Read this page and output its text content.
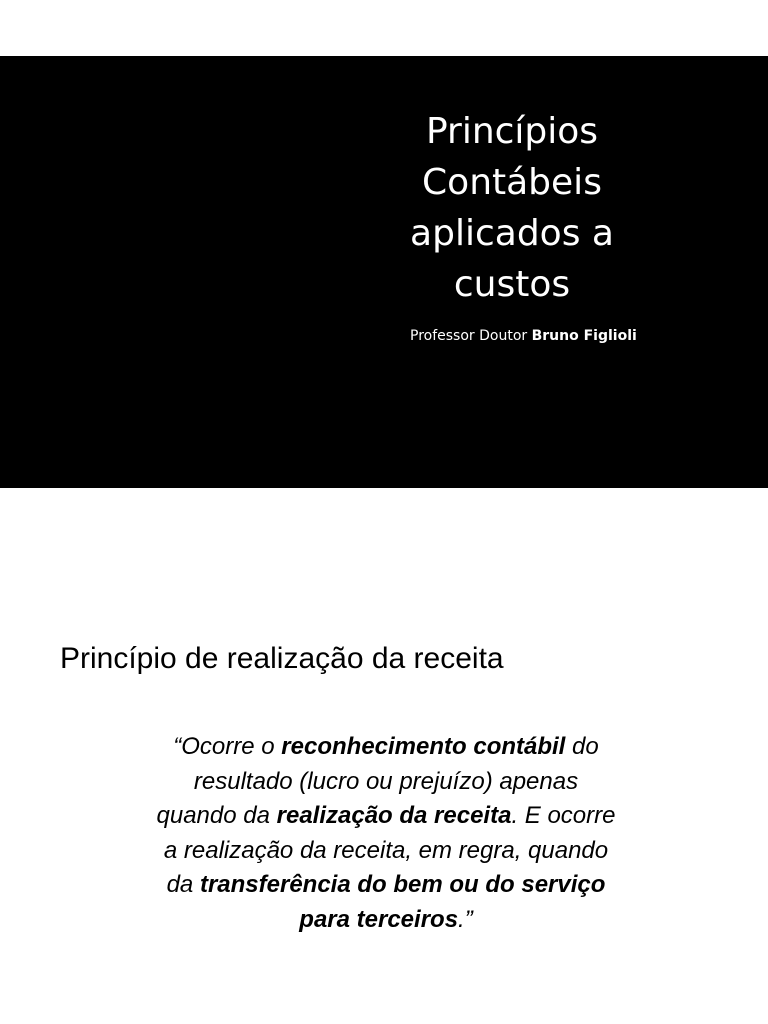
Princípios
Contábeis
aplicados a
custos
Professor Doutor Bruno Figlioli
Princípio de realização da receita
“Ocorre o reconhecimento contábil do
resultado (lucro ou prejuízo) apenas
quando da realização da receita. E ocorre
a realização da receita, em regra, quando
da transferência do bem ou do serviço
para terceiros.”
